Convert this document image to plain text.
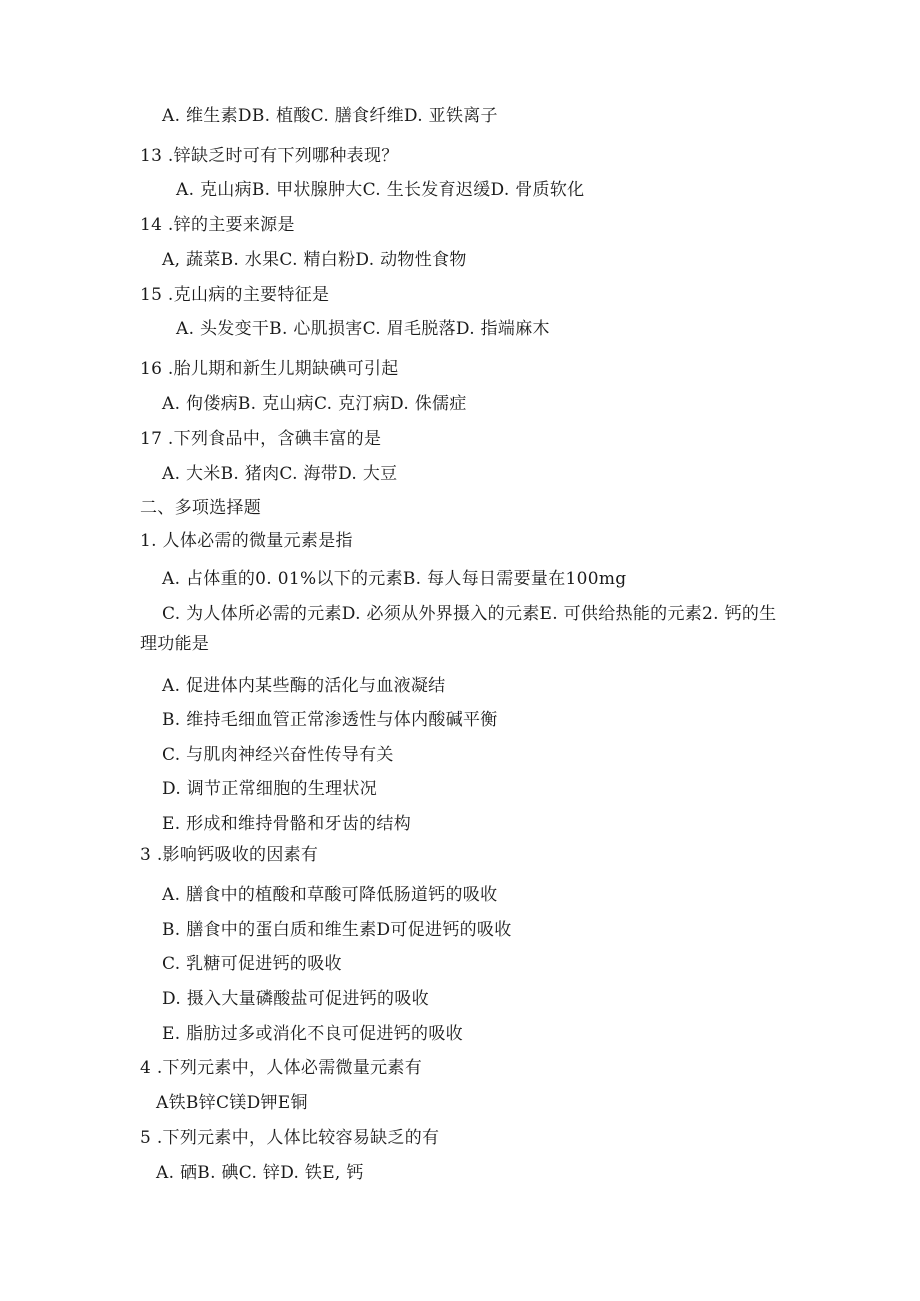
A. 维生素DB. 植酸C. 膳食纤维D. 亚铁离子
13 .锌缺乏时可有下列哪种表现？
A. 克山病B. 甲状腺肿大C. 生长发育迟缓D. 骨质软化
14 .锌的主要来源是
A, 蔬菜B. 水果C. 精白粉D. 动物性食物
15 .克山病的主要特征是
A. 头发变干B. 心肌损害C. 眉毛脱落D. 指端麻木
16 .胎儿期和新生儿期缺碘可引起
A. 佝偻病B. 克山病C. 克汀病D. 侏儒症
17 .下列食品中，含碘丰富的是
A. 大米B. 猪肉C. 海带D. 大豆
二、多项选择题
1. 人体必需的微量元素是指
A. 占体重的0. 01%以下的元素B. 每人每日需要量在100mg
C. 为人体所必需的元素D. 必须从外界摄入的元素E. 可供给热能的元素2. 钙的生理功能是
A. 促进体内某些酶的活化与血液凝结
B. 维持毛细血管正常渗透性与体内酸碱平衡
C. 与肌肉神经兴奋性传导有关
D. 调节正常细胞的生理状况
E. 形成和维持骨骼和牙齿的结构
3 .影响钙吸收的因素有
A. 膳食中的植酸和草酸可降低肠道钙的吸收
B. 膳食中的蛋白质和维生素D可促进钙的吸收
C. 乳糖可促进钙的吸收
D. 摄入大量磷酸盐可促进钙的吸收
E. 脂肪过多或消化不良可促进钙的吸收
4 .下列元素中，人体必需微量元素有
A铁B锌C镁D钾E铜
5 .下列元素中，人体比较容易缺乏的有
A. 硒B. 碘C. 锌D. 铁E, 钙
